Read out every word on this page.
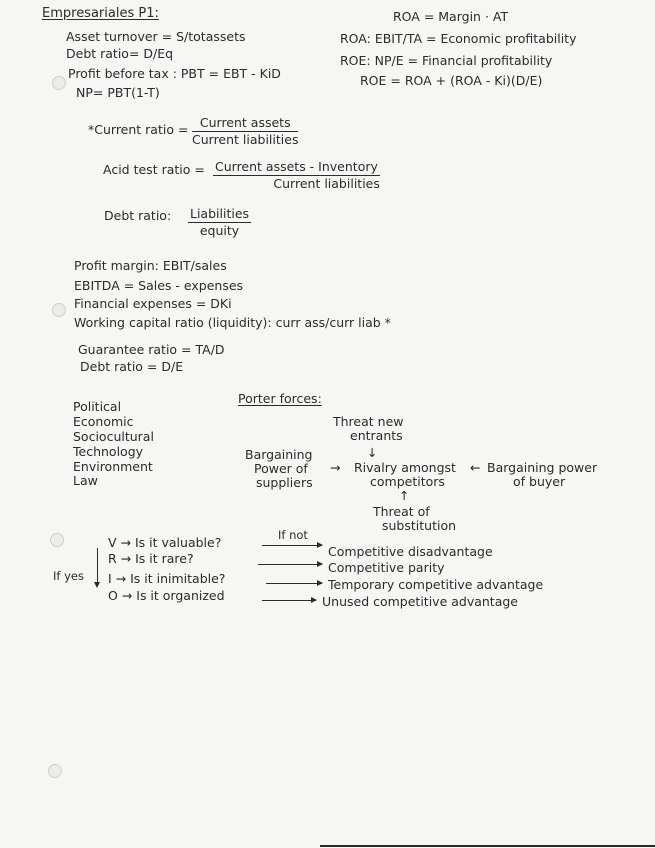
Empresariales P1:
Asset turnover = S/totassets
Debt ratio= D/Eq
Profit before tax : PBT = EBT - KiD
NP= PBT(1-T)
ROA = Margin · AT
ROA: EBIT/TA = Economic profitability
ROE: NP/E = Financial profitability
ROE = ROA + (ROA - Ki)(D/E)
*Current ratio = Current assets
Current liabilities
Acid test ratio = Current assets - Inventory
Current liabilities
Debt ratio: Liabilities
equity
Profit margin: EBIT/sales
EBITDA = Sales - expenses
Financial expenses = DKi
Working capital ratio (liquidity): curr ass/curr liab *
Guarantee ratio = TA/D
Debt ratio = D/E
Political
Economic
Sociocultural
Technology
Environment
Law
Porter forces:
Threat new
entrants
↓
Bargaining
Power of
suppliers
→ Rivalry amongst
competitors
← Bargaining power
of buyer
↑
Threat of
substitution
If not
If yes
V → Is it valuable?
Competitive disadvantage
R → Is it rare?
Competitive parity
I → Is it inimitable?	Temporary competitive advantage
O → Is it organized	Unused competitive advantage
